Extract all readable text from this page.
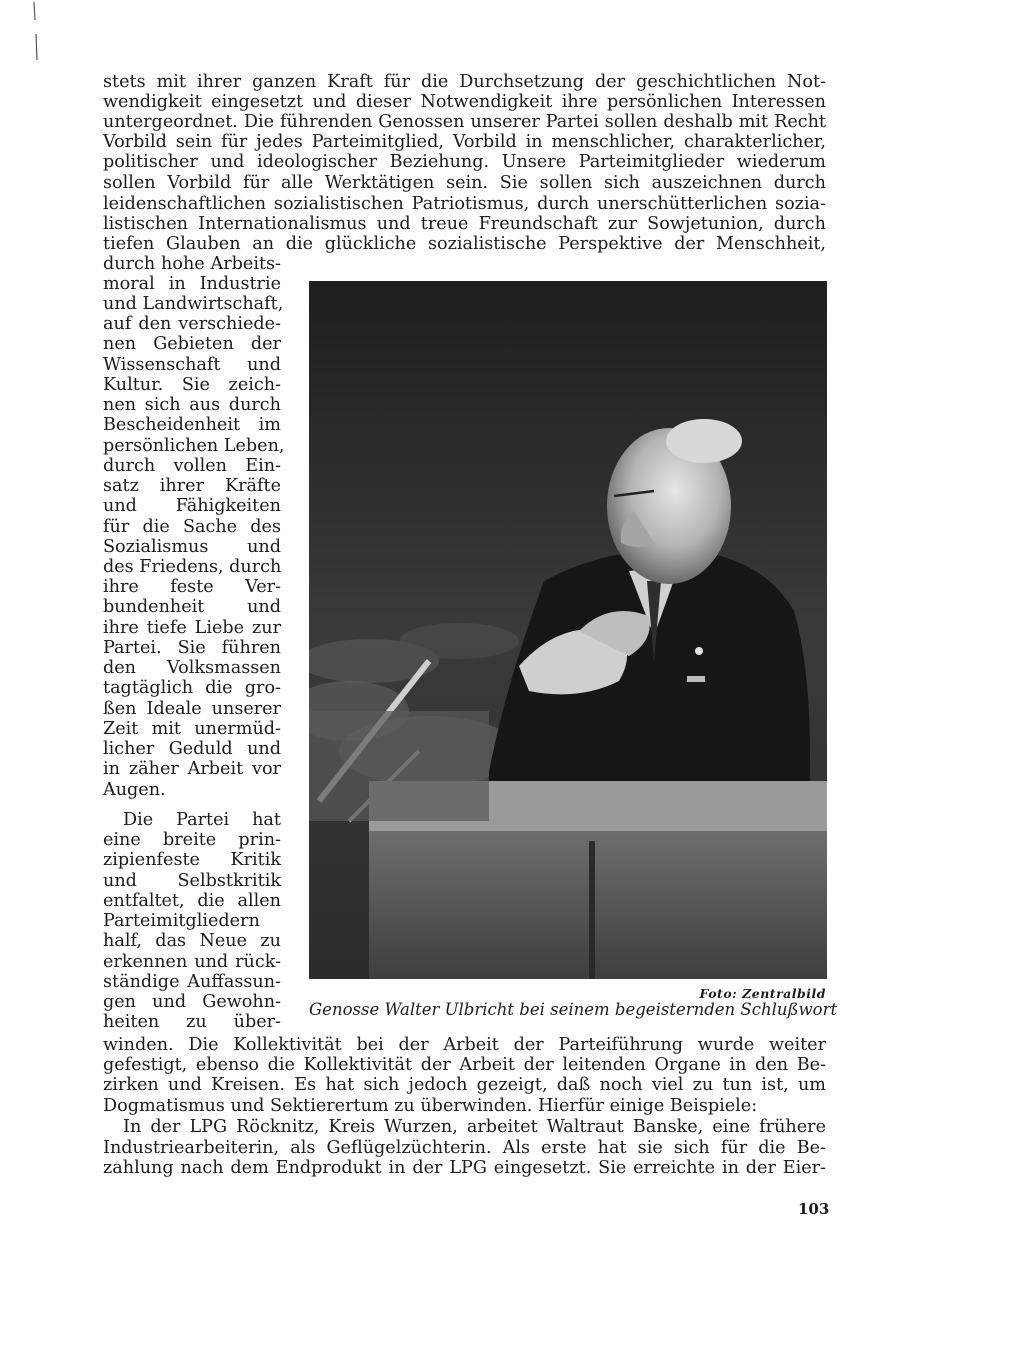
stets mit ihrer ganzen Kraft für die Durchsetzung der geschichtlichen Not-
wendigkeit eingesetzt und dieser Notwendigkeit ihre persönlichen Interessen
untergeordnet. Die führenden Genossen unserer Partei sollen deshalb mit Recht
Vorbild sein für jedes Parteimitglied, Vorbild in menschlicher, charakterlicher,
politischer und ideologischer Beziehung. Unsere Parteimitglieder wiederum
sollen Vorbild für alle Werktätigen sein. Sie sollen sich auszeichnen durch
leidenschaftlichen sozialistischen Patriotismus, durch unerschütterlichen sozia-
listischen Internationalismus und treue Freundschaft zur Sowjetunion, durch
tiefen Glauben an die glückliche sozialistische Perspektive der Menschheit,
durch hohe Arbeits-
moral in Industrie
und Landwirtschaft,
auf den verschiede-
nen Gebieten der
Wissenschaft und
Kultur. Sie zeich-
nen sich aus durch
Bescheidenheit im
persönlichen Leben,
durch vollen Ein-
satz ihrer Kräfte
und Fähigkeiten
für die Sache des
Sozialismus und
des Friedens, durch
ihre feste Ver-
bundenheit und
ihre tiefe Liebe zur
Partei. Sie führen
den Volksmassen
tagtäglich die gro-
ßen Ideale unserer
Zeit mit unermüd-
licher Geduld und
in zäher Arbeit vor
Augen.
Die Partei hat
eine breite prin-
zipienfeste Kritik
und Selbstkritik
entfaltet, die allen
Parteimitgliedern
half, das Neue zu
erkennen und rück-
ständige Auffassun-
gen und Gewohn-
heiten zu über-
Foto: Zentralbild
Genosse Walter Ulbricht bei seinem begeisternden Schlußwort
winden. Die Kollektivität bei der Arbeit der Parteiführung wurde weiter
gefestigt, ebenso die Kollektivität der Arbeit der leitenden Organe in den Be-
zirken und Kreisen. Es hat sich jedoch gezeigt, daß noch viel zu tun ist, um
Dogmatismus und Sektierertum zu überwinden. Hierfür einige Beispiele:
In der LPG Röcknitz, Kreis Wurzen, arbeitet Waltraut Banske, eine frühere
Industriearbeiterin, als Geflügelzüchterin. Als erste hat sie sich für die Be-
zahlung nach dem Endprodukt in der LPG eingesetzt. Sie erreichte in der Eier-
103
